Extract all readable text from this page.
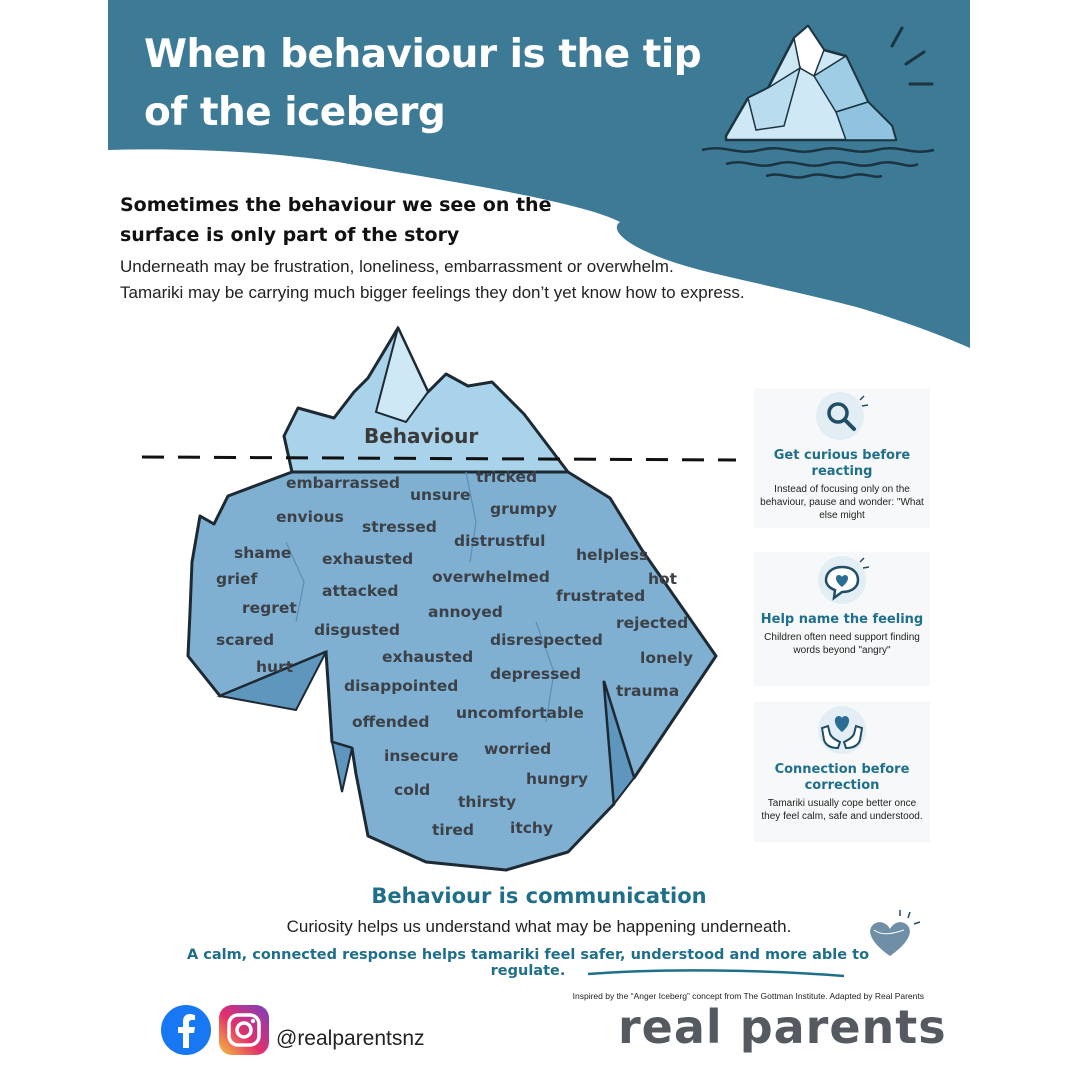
When behaviour is the tip of the iceberg
Sometimes the behaviour we see on the surface is only part of the story
Underneath may be frustration, loneliness, embarrassment or overwhelm.
Tamariki may be carrying much bigger feelings they don’t yet know how to express.
Behaviour
embarrassed
unsure
tricked
envious
stressed
grumpy
distrustful
shame exhausted	helpless
grief	overwhelmed	hot
attacked	frustrated
regret	annoyed
rejected
scared
disgusted
disrespected
hurt
exhausted	lonely
disappointed
depressed
trauma
offended uncomfortable
insecure worried
hungry
cold
thirsty
tired itchy
Get curious before reacting
Instead of focusing only on the behaviour, pause and wonder: "What else might
Help name the feeling
Children often need support finding words beyond "angry"
Connection before correction
Tamariki usually cope better once they feel calm, safe and understood.
Behaviour is communication
Curiosity helps us understand what may be happening underneath.
A calm, connected response helps tamariki feel safer, understood and more able to regulate.
Inspired by the “Anger Iceberg” concept from The Gottman Institute. Adapted by Real Parents
@realparentsnz	real parents
